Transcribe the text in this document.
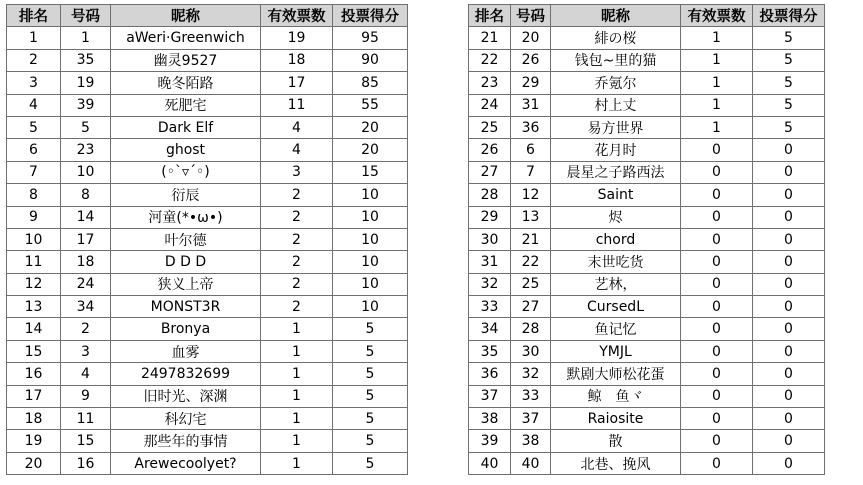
排名	号码	昵称	有效票数	投票得分
1	1	aWeri·Greenwich	19	95
2	35	幽灵9527	18	90
3	19	晚冬陌路	17	85
4	39	死肥宅	11	55
5	5	Dark Elf	4	20
6	23	ghost	4	20
7	10	(◦`▿´◦)	3	15
8	8	衍辰	2	10
9	14	河童(*•ω•)	2	10
10	17	叶尔德	2	10
11	18	D D D	2	10
12	24	狭义上帝	2	10
13	34	MONST3R	2	10
14	2	Bronya	1	5
15	3	血雾	1	5
16	4	2497832699	1	5
17	9	旧时光、深渊	1	5
18	11	科幻宅	1	5
19	15	那些年的事情	1	5
20	16	Arewecoolyet?	1	5
排名	号码	昵称	有效票数	投票得分
21	20	緋の桜	1	5
22	26	钱包~里的猫	1	5
23	29	乔氪尔	1	5
24	31	村上丈	1	5
25	36	易方世界	1	5
26	6	花月时	0	0
27	7	晨星之子路西法	0	0
28	12	Saint	0	0
29	13	烬	0	0
30	21	chord	0	0
31	22	末世吃货	0	0
32	25	艺林，	0	0
33	27	CursedL	0	0
34	28	鱼记忆	0	0
35	30	YMJL	0	0
36	32	默剧大师松花蛋	0	0
37	33	鲸　鱼ヾ	0	0
38	37	Raiosite	0	0
39	38	散	0	0
40	40	北巷、挽风	0	0
